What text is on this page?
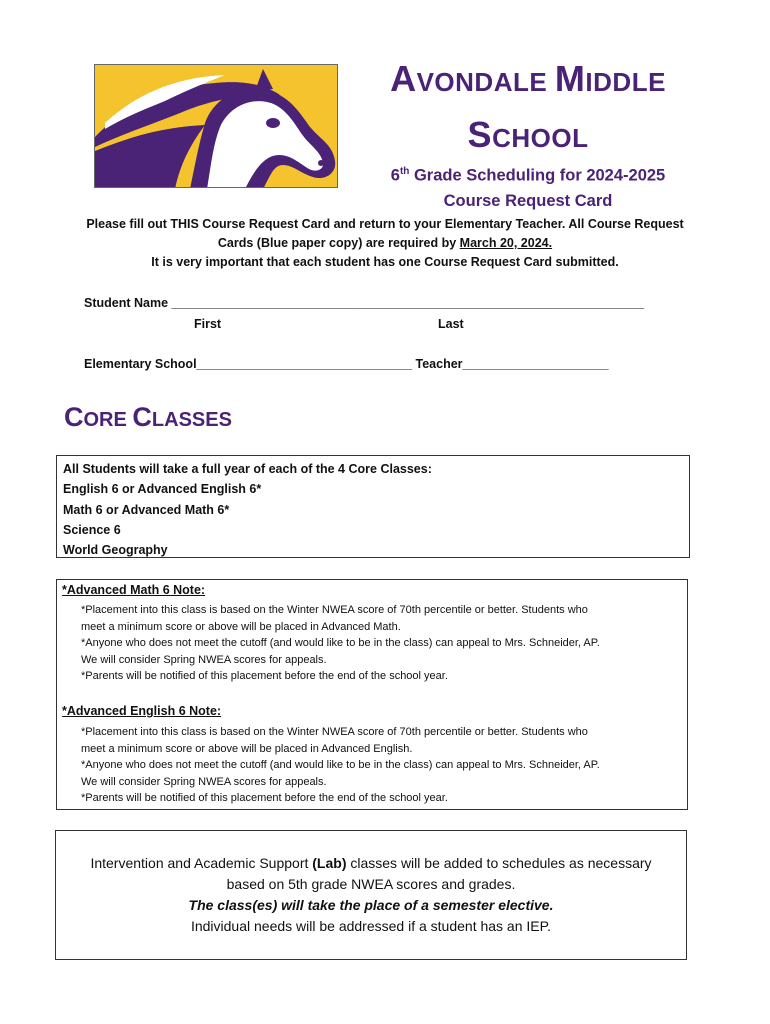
AVONDALE MIDDLE
SCHOOL
6th Grade Scheduling for 2024-2025
Course Request Card
Please fill out THIS Course Request Card and return to your Elementary Teacher. All Course Request
Cards (Blue paper copy) are required by March 20, 2024.
It is very important that each student has one Course Request Card submitted.
Student Name ____________________________________________________________________
First	Last
Elementary School_______________________________ Teacher_____________________
CORE CLASSES
All Students will take a full year of each of the 4 Core Classes:
English 6 or Advanced English 6*
Math 6 or Advanced Math 6*
Science 6
World Geography
*Advanced Math 6 Note:
*Placement into this class is based on the Winter NWEA score of 70th percentile or better. Students who
meet a minimum score or above will be placed in Advanced Math.
*Anyone who does not meet the cutoff (and would like to be in the class) can appeal to Mrs. Schneider, AP.
We will consider Spring NWEA scores for appeals.
*Parents will be notified of this placement before the end of the school year.
*Advanced English 6 Note:
*Placement into this class is based on the Winter NWEA score of 70th percentile or better. Students who
meet a minimum score or above will be placed in Advanced English.
*Anyone who does not meet the cutoff (and would like to be in the class) can appeal to Mrs. Schneider, AP.
We will consider Spring NWEA scores for appeals.
*Parents will be notified of this placement before the end of the school year.
Intervention and Academic Support (Lab) classes will be added to schedules as necessary
based on 5th grade NWEA scores and grades.
The class(es) will take the place of a semester elective.
Individual needs will be addressed if a student has an IEP.
